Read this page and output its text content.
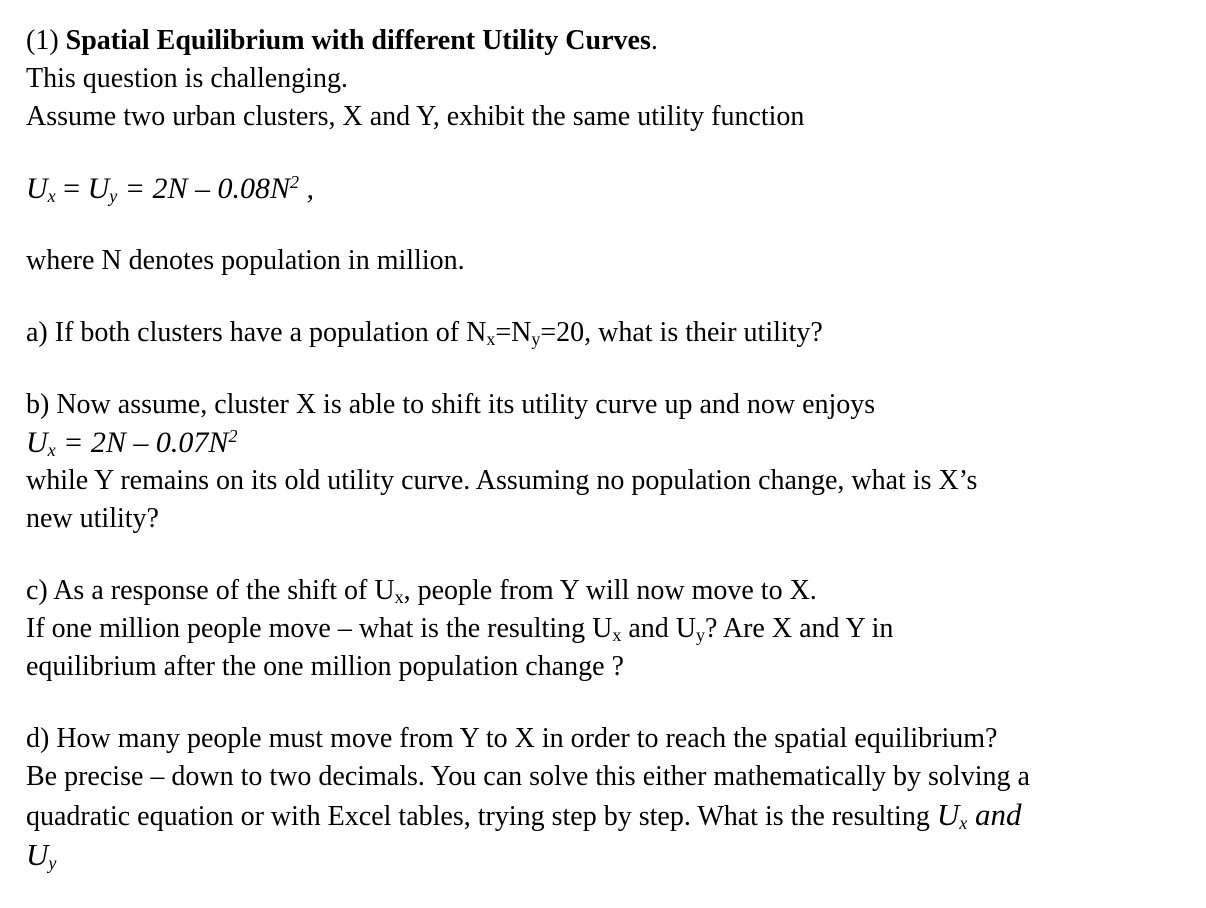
(1) Spatial Equilibrium with different Utility Curves.
This question is challenging.
Assume two urban clusters, X and Y, exhibit the same utility function
$U_x = U_y = 2N - 0.08N^2$ ,
where N denotes population in million.
a) If both clusters have a population of $N_x=N_y=20$, what is their utility?
b) Now assume, cluster X is able to shift its utility curve up and now enjoys
$U_x = 2N - 0.07N^2$
while Y remains on its old utility curve. Assuming no population change, what is X’s
new utility?
c) As a response of the shift of $U_x$, people from Y will now move to X.
If one million people move – what is the resulting $U_x$ and $U_y$? Are X and Y in
equilibrium after the one million population change ?
d) How many people must move from Y to X in order to reach the spatial equilibrium?
Be precise – down to two decimals. You can solve this either mathematically by solving a
quadratic equation or with Excel tables, trying step by step. What is the resulting $U_x$ and
$U_y$
